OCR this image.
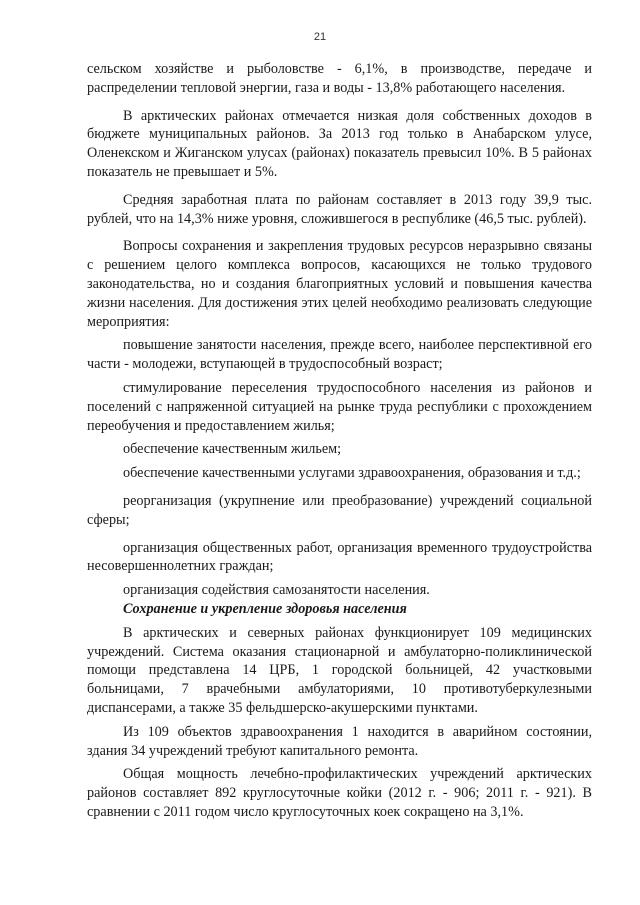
21

сельском хозяйстве и рыболовстве - 6,1%, в производстве, передаче и распределении тепловой энергии, газа и воды - 13,8% работающего населения.

В арктических районах отмечается низкая доля собственных доходов в бюджете муниципальных районов. За 2013 год только в Анабарском улусе, Оленекском и Жиганском улусах (районах) показатель превысил 10%. В 5 районах показатель не превышает и 5%.

Средняя заработная плата по районам составляет в 2013 году 39,9 тыс. рублей, что на 14,3% ниже уровня, сложившегося в республике (46,5 тыс. рублей).

Вопросы сохранения и закрепления трудовых ресурсов неразрывно связаны с решением целого комплекса вопросов, касающихся не только трудового законодательства, но и создания благоприятных условий и повышения качества жизни населения. Для достижения этих целей необходимо реализовать следующие мероприятия:

повышение занятости населения, прежде всего, наиболее перспективной его части - молодежи, вступающей в трудоспособный возраст;

стимулирование переселения трудоспособного населения из районов и поселений с напряженной ситуацией на рынке труда республики с прохождением переобучения и предоставлением жилья;

обеспечение качественным жильем;

обеспечение качественными услугами здравоохранения, образования и т.д.;

реорганизация (укрупнение или преобразование) учреждений социальной сферы;

организация общественных работ, организация временного трудоустройства несовершеннолетних граждан;

организация содействия самозанятости населения.

Сохранение и укрепление здоровья населения

В арктических и северных районах функционирует 109 медицинских учреждений. Система оказания стационарной и амбулаторно-поликлинической помощи представлена 14 ЦРБ, 1 городской больницей, 42 участковыми больницами, 7 врачебными амбулаториями, 10 противотуберкулезными диспансерами, а также 35 фельдшерско-акушерскими пунктами.

Из 109 объектов здравоохранения 1 находится в аварийном состоянии, здания 34 учреждений требуют капитального ремонта.

Общая мощность лечебно-профилактических учреждений арктических районов составляет 892 круглосуточные койки (2012 г. - 906; 2011 г. - 921). В сравнении с 2011 годом число круглосуточных коек сокращено на 3,1%.
